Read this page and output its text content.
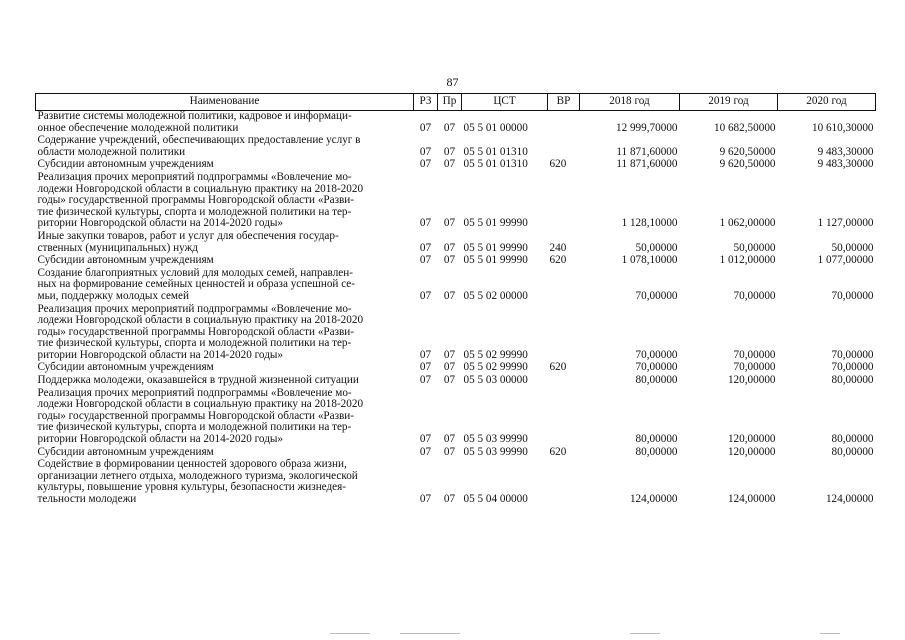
87
Наименование	РЗ	Пр	ЦСТ	ВР	2018 год	2019 год	2020 год

Развитие системы молодежной политики, кадровое и информаци-
онное обеспечение молодежной политики	07	07	05 5 01 00000		12 999,70000	10 682,50000	10 610,30000

Содержание учреждений, обеспечивающих предоставление услуг в
области молодежной политики	07	07	05 5 01 01310		11 871,60000	9 620,50000	9 483,30000

Субсидии автономным учреждениям	07	07	05 5 01 01310	620	11 871,60000	9 620,50000	9 483,30000

Реализация прочих мероприятий подпрограммы «Вовлечение мо-
лодежи Новгородской области в социальную практику на 2018-2020
годы» государственной программы Новгородской области «Разви-
тие физической культуры, спорта и молодежной политики на тер-
ритории Новгородской области на 2014-2020 годы»	07	07	05 5 01 99990		1 128,10000	1 062,00000	1 127,00000

Иные закупки товаров, работ и услуг для обеспечения государ-
ственных (муниципальных) нужд	07	07	05 5 01 99990	240	50,00000	50,00000	50,00000

Субсидии автономным учреждениям	07	07	05 5 01 99990	620	1 078,10000	1 012,00000	1 077,00000

Создание благоприятных условий для молодых семей, направлен-
ных на формирование семейных ценностей и образа успешной се-
мьи, поддержку молодых семей	07	07	05 5 02 00000		70,00000	70,00000	70,00000

Реализация прочих мероприятий подпрограммы «Вовлечение мо-
лодежи Новгородской области в социальную практику на 2018-2020
годы» государственной программы Новгородской области «Разви-
тие физической культуры, спорта и молодежной политики на тер-
ритории Новгородской области на 2014-2020 годы»	07	07	05 5 02 99990		70,00000	70,00000	70,00000

Субсидии автономным учреждениям	07	07	05 5 02 99990	620	70,00000	70,00000	70,00000

Поддержка молодежи, оказавшейся в трудной жизненной ситуации	07	07	05 5 03 00000		80,00000	120,00000	80,00000

Реализация прочих мероприятий подпрограммы «Вовлечение мо-
лодежи Новгородской области в социальную практику на 2018-2020
годы» государственной программы Новгородской области «Разви-
тие физической культуры, спорта и молодежной политики на тер-
ритории Новгородской области на 2014-2020 годы»	07	07	05 5 03 99990		80,00000	120,00000	80,00000

Субсидии автономным учреждениям	07	07	05 5 03 99990	620	80,00000	120,00000	80,00000

Содействие в формировании ценностей здорового образа жизни,
организации летнего отдыха, молодежного туризма, экологической
культуры, повышение уровня культуры, безопасности жизнедея-
тельности молодежи	07	07	05 5 04 00000		124,00000	124,00000	124,00000
